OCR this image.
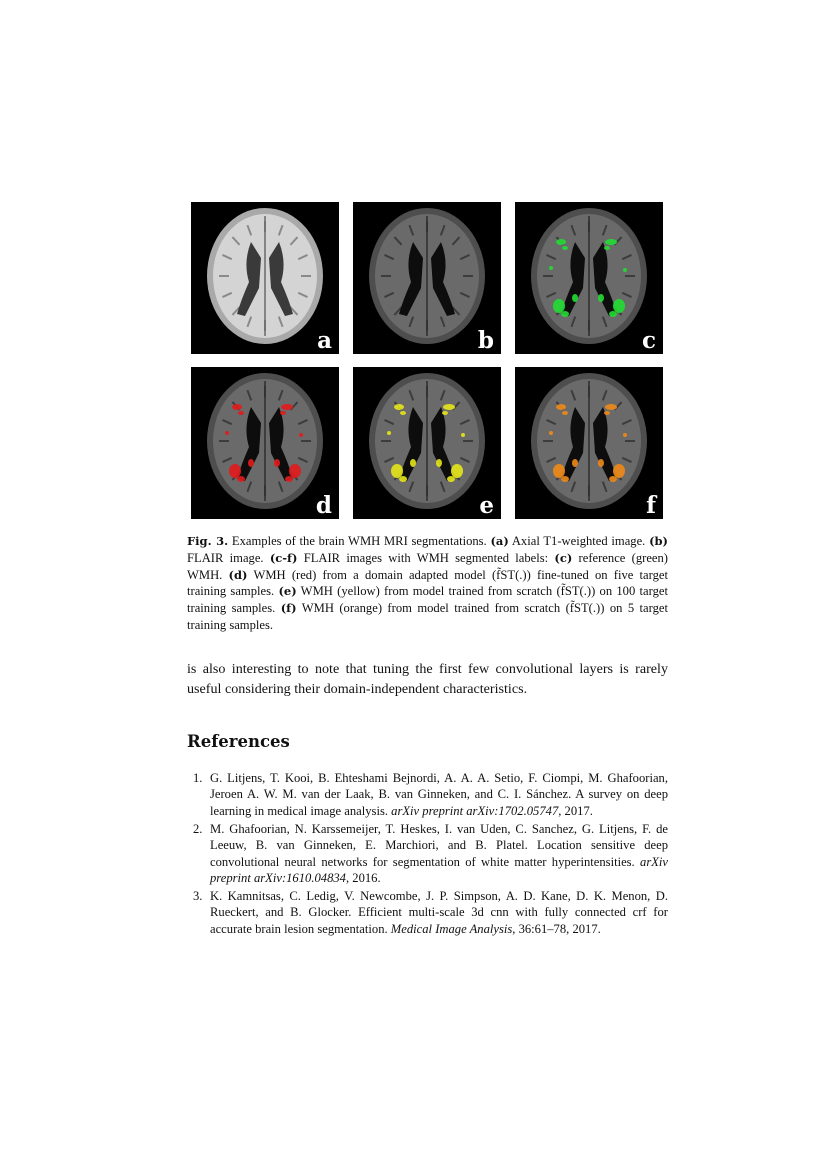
a	b	c
d	e	f
Fig. 3. Examples of the brain WMH MRI segmentations. (a) Axial T1-weighted image. (b) FLAIR image. (c-f) FLAIR images with WMH segmented labels: (c) reference (green) WMH. (d) WMH (red) from a domain adapted model (f̃ST(.)) fine-tuned on five target training samples. (e) WMH (yellow) from model trained from scratch (f̃ST(.)) on 100 target training samples. (f) WMH (orange) from model trained from scratch (f̃ST(.)) on 5 target training samples.

is also interesting to note that tuning the first few convolutional layers is rarely useful considering their domain-independent characteristics.

References
1. G. Litjens, T. Kooi, B. Ehteshami Bejnordi, A. A. A. Setio, F. Ciompi, M. Ghafoorian, Jeroen A. W. M. van der Laak, B. van Ginneken, and C. I. Sánchez. A survey on deep learning in medical image analysis. arXiv preprint arXiv:1702.05747, 2017.
2. M. Ghafoorian, N. Karssemeijer, T. Heskes, I. van Uden, C. Sanchez, G. Litjens, F. de Leeuw, B. van Ginneken, E. Marchiori, and B. Platel. Location sensitive deep convolutional neural networks for segmentation of white matter hyperintensities. arXiv preprint arXiv:1610.04834, 2016.
3. K. Kamnitsas, C. Ledig, V. Newcombe, J. P. Simpson, A. D. Kane, D. K. Menon, D. Rueckert, and B. Glocker. Efficient multi-scale 3d cnn with fully connected crf for accurate brain lesion segmentation. Medical Image Analysis, 36:61–78, 2017.
